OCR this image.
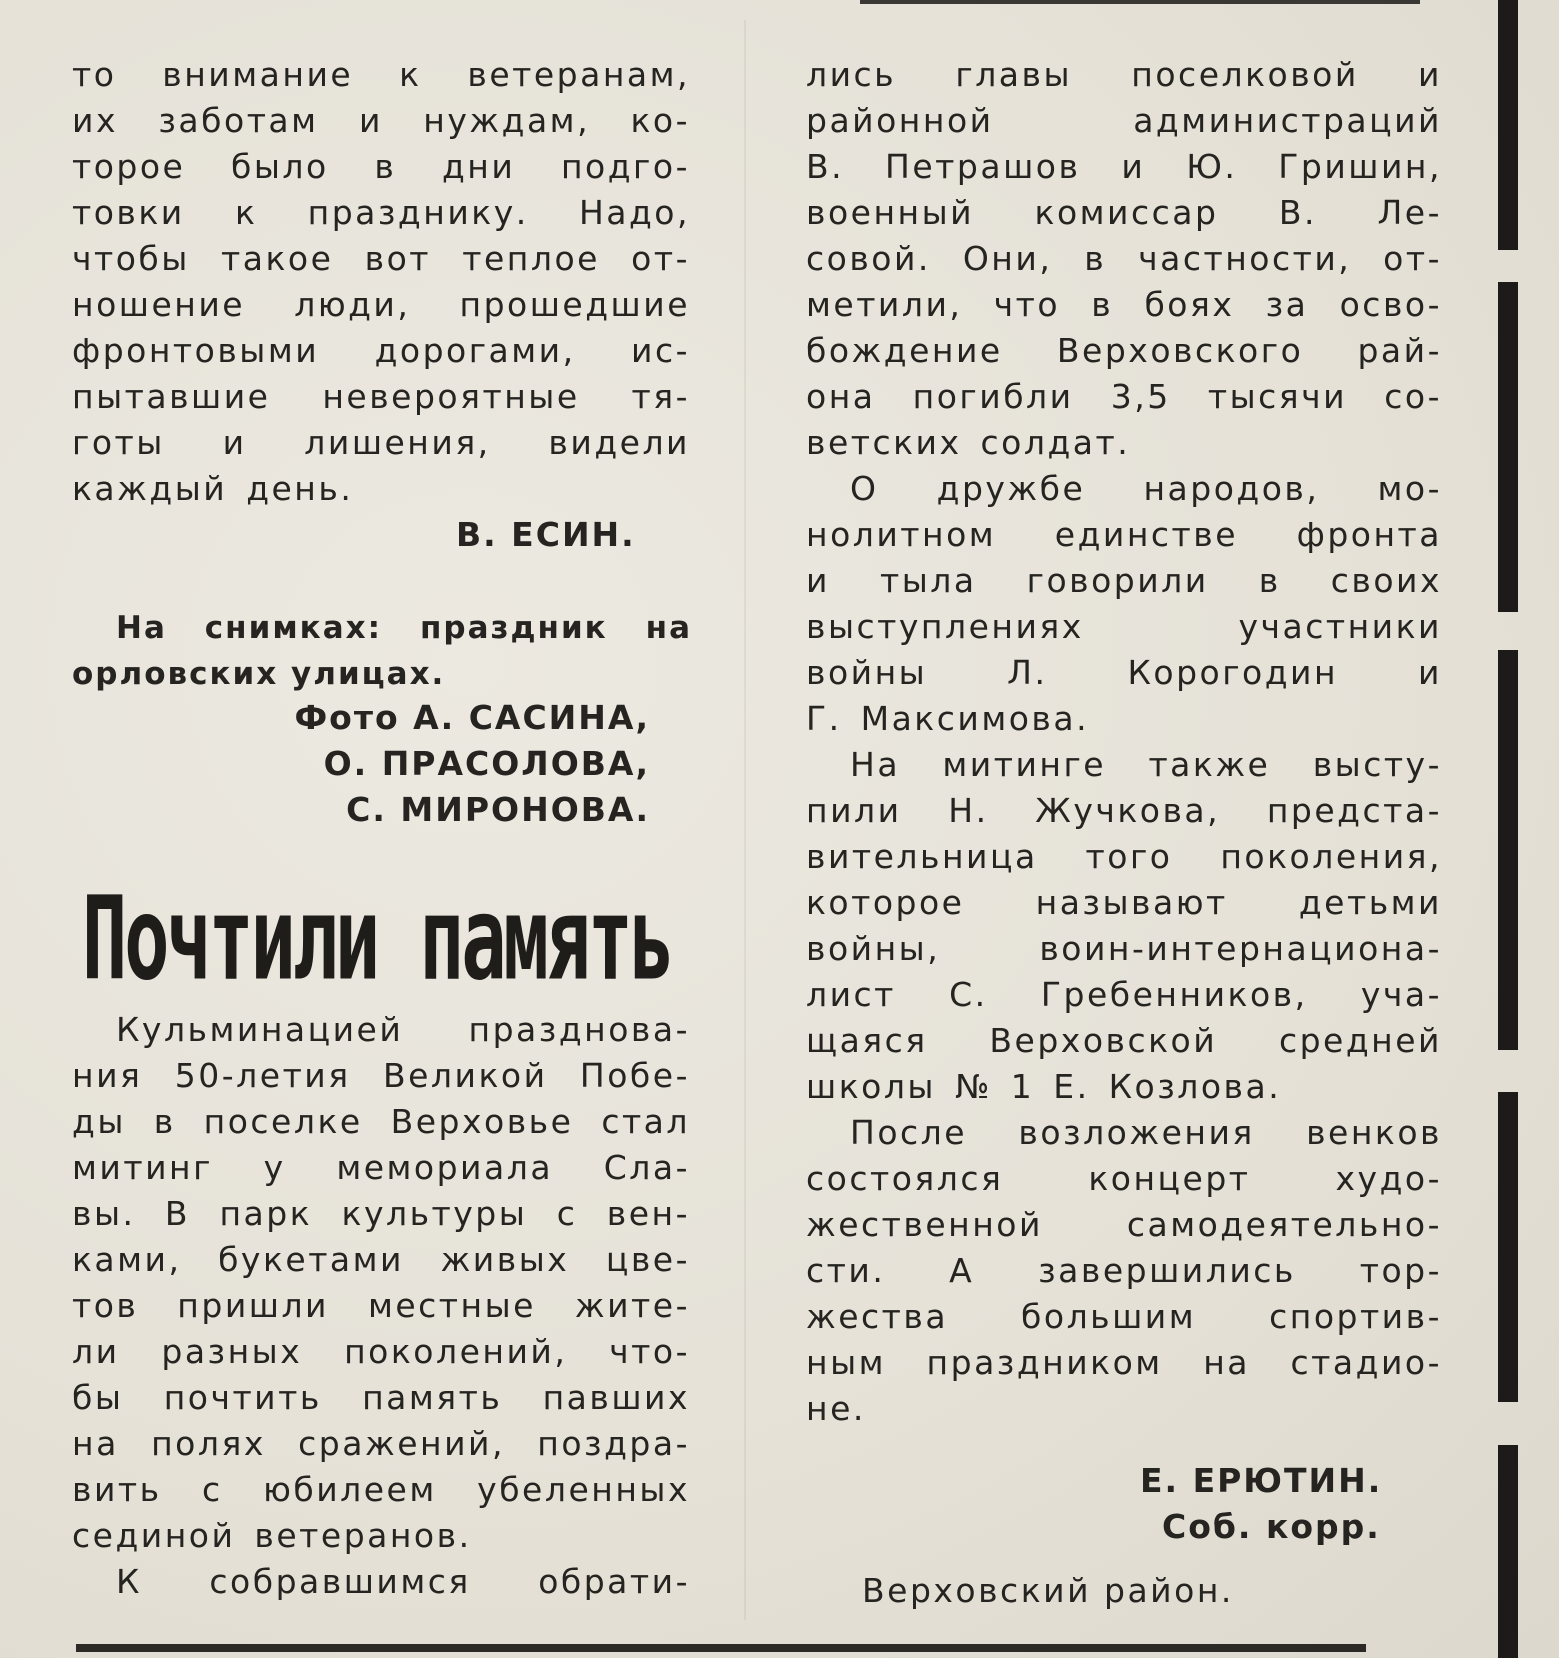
то внимание к ветеранам,
их заботам и нуждам, ко-
торое было в дни подго-
товки к празднику. Надо,
чтобы такое вот теплое от-
ношение люди, прошедшие
фронтовыми дорогами, ис-
пытавшие невероятные тя-
готы и лишения, видели
каждый день.
В. ЕСИН.
На снимках: праздник на
орловских улицах.
Фото А. САСИНА,
О. ПРАСОЛОВА,
С. МИРОНОВА.
Почтили память
Кульминацией празднова-
ния 50-летия Великой Побе-
ды в поселке Верховье стал
митинг у мемориала Сла-
вы. В парк культуры с вен-
ками, букетами живых цве-
тов пришли местные жите-
ли разных поколений, что-
бы почтить память павших
на полях сражений, поздра-
вить с юбилеем убеленных
сединой ветеранов.
К собравшимся обрати-
лись главы поселковой и
районной администраций
В. Петрашов и Ю. Гришин,
военный комиссар В. Ле-
совой. Они, в частности, от-
метили, что в боях за осво-
бождение Верховского рай-
она погибли 3,5 тысячи со-
ветских солдат.
О дружбе народов, мо-
нолитном единстве фронта
и тыла говорили в своих
выступлениях участники
войны Л. Корогодин и
Г. Максимова.
На митинге также высту-
пили Н. Жучкова, предста-
вительница того поколения,
которое называют детьми
войны, воин-интернациона-
лист С. Гребенников, уча-
щаяся Верховской средней
школы № 1 Е. Козлова.
После возложения венков
состоялся концерт худо-
жественной самодеятельно-
сти. А завершились тор-
жества большим спортив-
ным праздником на стадио-
не.
Е. ЕРЮТИН.
Соб. корр.
Верховский район.
